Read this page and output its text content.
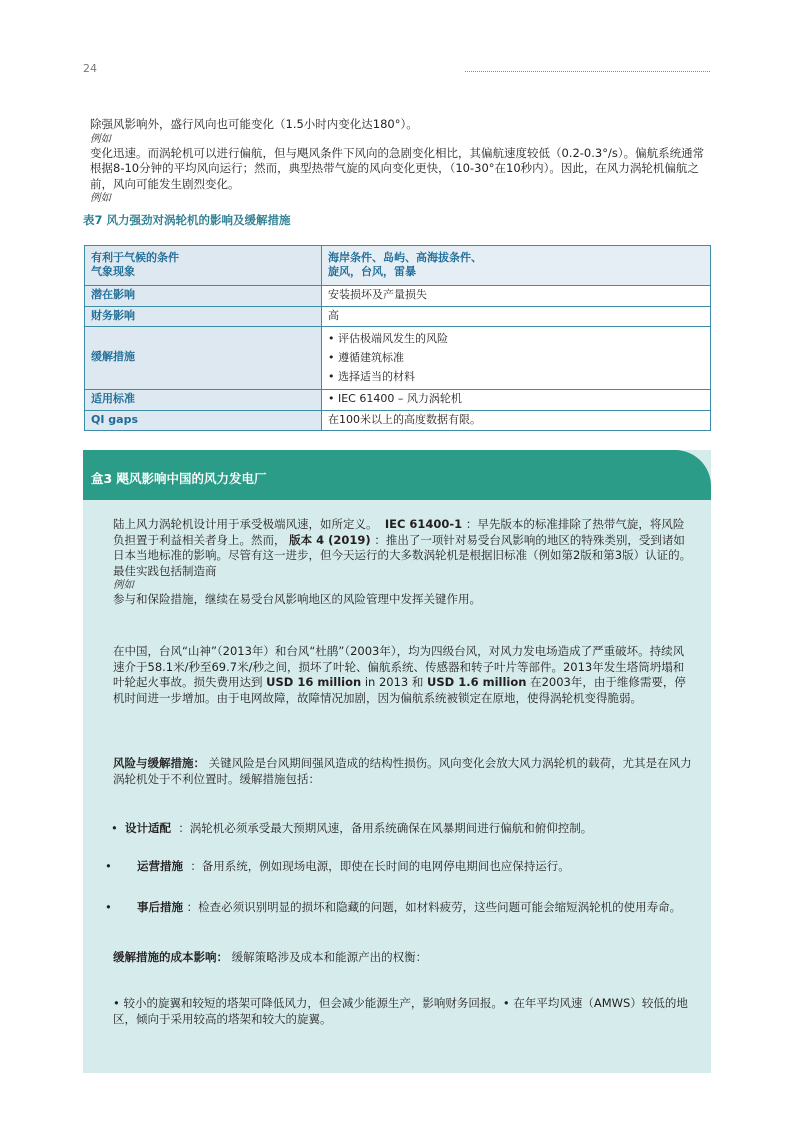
24

除强风影响外，盛行风向也可能变化（1.5小时内变化达180°）。

例如

变化迅速。而涡轮机可以进行偏航，但与飓风条件下风向的急剧变化相比，其偏航速度较低（0.2-0.3°/s）。偏航系统通常根据8-10分钟的平均风向运行；然而，典型热带气旋的风向变化更快，（10-30°在10秒内）。因此，在风力涡轮机偏航之前，风向可能发生剧烈变化。

例如

表7 风力强劲对涡轮机的影响及缓解措施
有利于气候的条件
气象现象	海岸条件、岛屿、高海拔条件、
旋风，台风，雷暴
潜在影响	安装损坏及产量损失
财务影响	高
缓解措施	• 评估极端风发生的风险
• 遵循建筑标准
• 选择适当的材料

适用标准	• IEC 61400 – 风力涡轮机
QI gaps	在100米以上的高度数据有限。
盒3 飓风影响中国的风力发电厂

陆上风力涡轮机设计用于承受极端风速，如所定义。 IEC 61400-1 ：早先版本的标准排除了热带气旋，将风险负担置于利益相关者身上。然而， 版本 4 (2019) ：推出了一项针对易受台风影响的地区的特殊类别，受到诸如日本当地标准的影响。尽管有这一进步，但今天运行的大多数涡轮机是根据旧标准（例如第2版和第3版）认证的。最佳实践包括制造商

例如

参与和保险措施，继续在易受台风影响地区的风险管理中发挥关键作用。

在中国，台风“山神”（2013年）和台风“杜鹃”（2003年），均为四级台风，对风力发电场造成了严重破坏。持续风速介于58.1米/秒至69.7米/秒之间，损坏了叶轮、偏航系统、传感器和转子叶片等部件。2013年发生塔筒坍塌和叶轮起火事故。损失费用达到 USD 16 million in 2013 和 USD 1.6 million 在2003年，由于维修需要，停机时间进一步增加。由于电网故障，故障情况加剧，因为偏航系统被锁定在原地，使得涡轮机变得脆弱。

风险与缓解措施： 关键风险是台风期间强风造成的结构性损伤。风向变化会放大风力涡轮机的载荷，尤其是在风力涡轮机处于不利位置时。缓解措施包括：

• 设计适配 ：涡轮机必须承受最大预期风速，备用系统确保在风暴期间进行偏航和俯仰控制。

• 运营措施 ：备用系统，例如现场电源，即使在长时间的电网停电期间也应保持运行。

• 事后措施 ：检查必须识别明显的损坏和隐藏的问题，如材料疲劳，这些问题可能会缩短涡轮机的使用寿命。

缓解措施的成本影响： 缓解策略涉及成本和能源产出的权衡：

• 较小的旋翼和较短的塔架可降低风力，但会减少能源生产，影响财务回报。• 在年平均风速（AMWS）较低的地区，倾向于采用较高的塔架和较大的旋翼。
